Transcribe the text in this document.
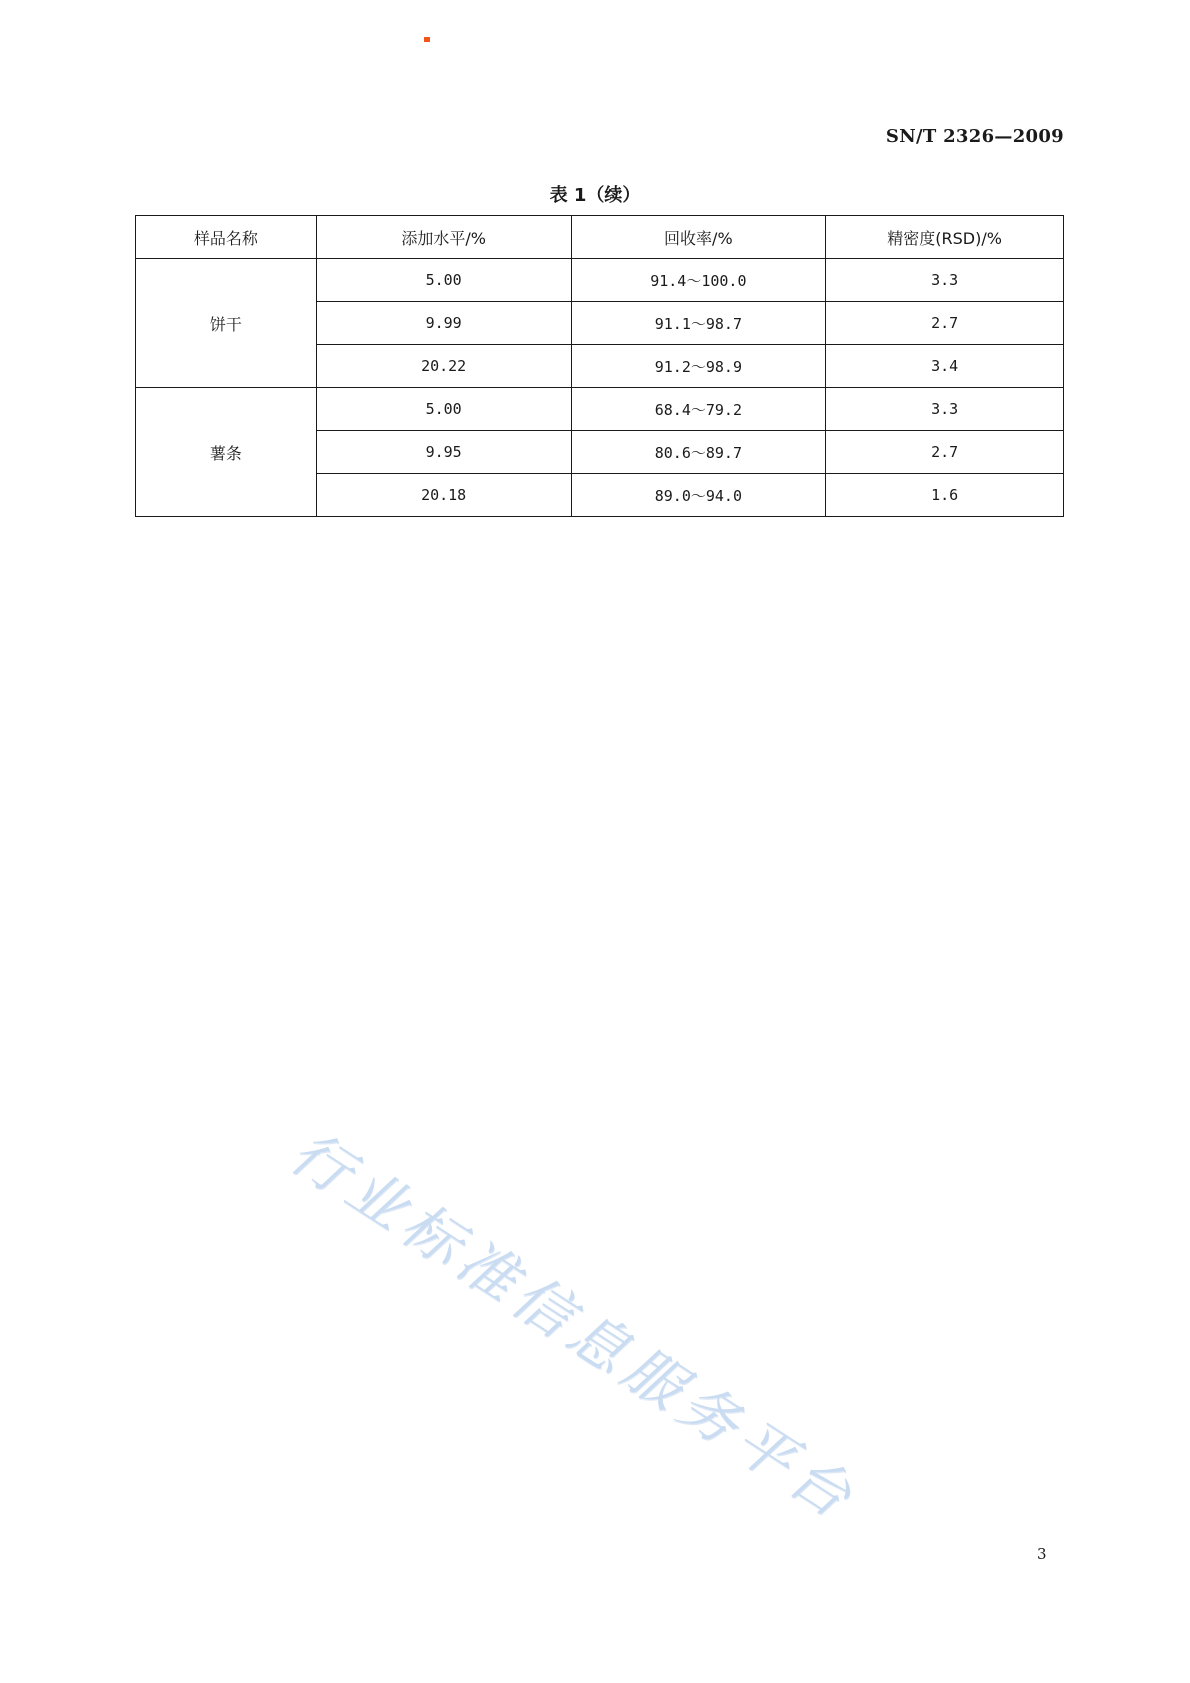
SN/T 2326—2009
表 1（续）
样品名称	添加水平/%	回收率/%	精密度(RSD)/%
饼干	5.00	91.4～100.0	3.3
	9.99	91.1～98.7	2.7
	20.22	91.2～98.9	3.4
薯条	5.00	68.4～79.2	3.3
	9.95	80.6～89.7	2.7
	20.18	89.0～94.0	1.6
行业标准信息服务平台
3
